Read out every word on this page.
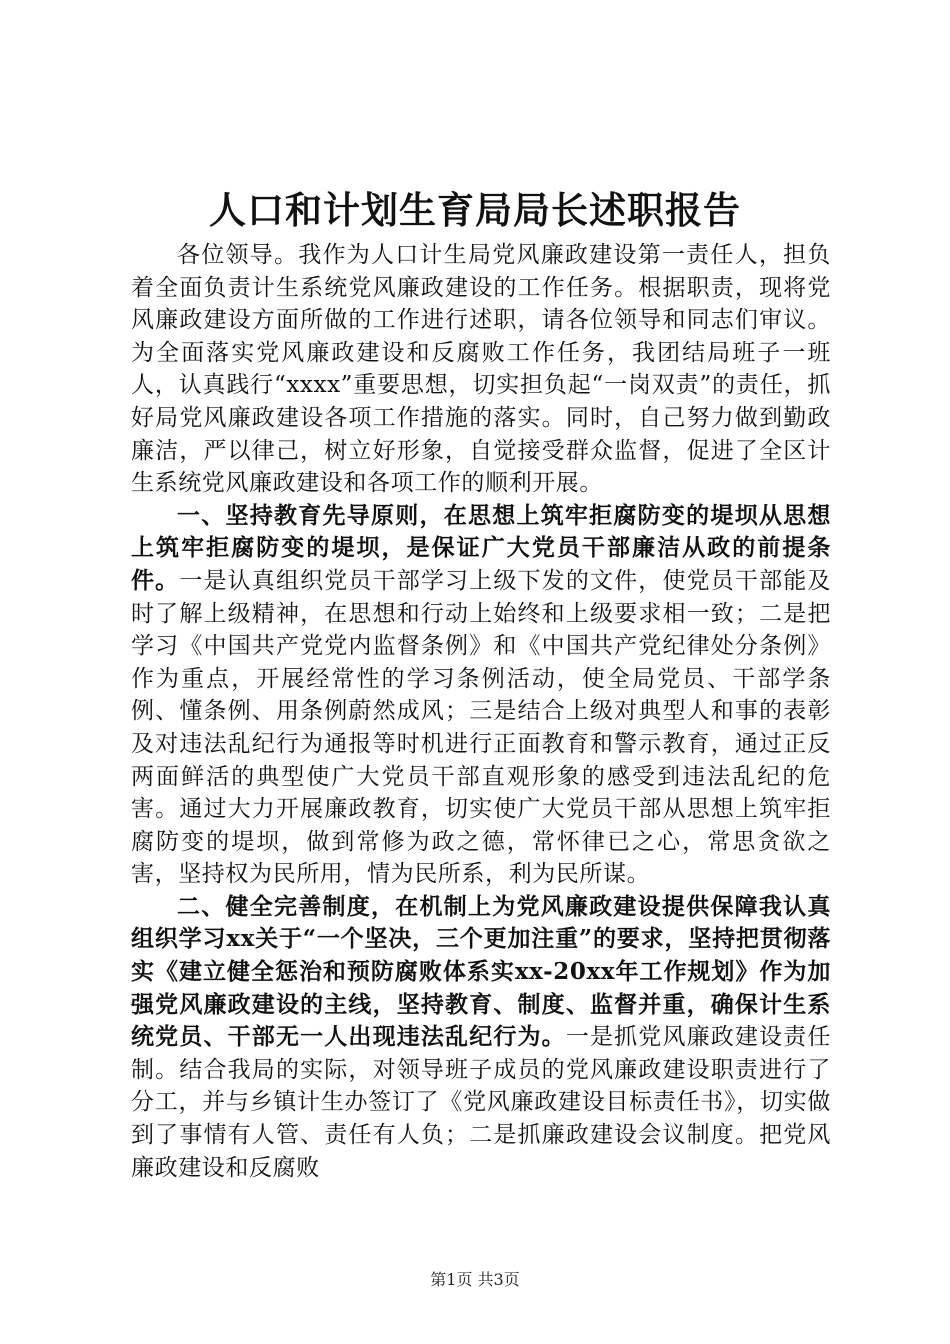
人口和计划生育局局长述职报告

各位领导。我作为人口计生局党风廉政建设第一责任人，担负着全面负责计生系统党风廉政建设的工作任务。根据职责，现将党风廉政建设方面所做的工作进行述职，请各位领导和同志们审议。为全面落实党风廉政建设和反腐败工作任务，我团结局班子一班人，认真践行“xxxx”重要思想，切实担负起“一岗双责”的责任，抓好局党风廉政建设各项工作措施的落实。同时，自己努力做到勤政廉洁，严以律己，树立好形象，自觉接受群众监督，促进了全区计生系统党风廉政建设和各项工作的顺利开展。

一、坚持教育先导原则，在思想上筑牢拒腐防变的堤坝从思想上筑牢拒腐防变的堤坝，是保证广大党员干部廉洁从政的前提条件。一是认真组织党员干部学习上级下发的文件，使党员干部能及时了解上级精神，在思想和行动上始终和上级要求相一致；二是把学习《中国共产党党内监督条例》和《中国共产党纪律处分条例》作为重点，开展经常性的学习条例活动，使全局党员、干部学条例、懂条例、用条例蔚然成风；三是结合上级对典型人和事的表彰及对违法乱纪行为通报等时机进行正面教育和警示教育，通过正反两面鲜活的典型使广大党员干部直观形象的感受到违法乱纪的危害。通过大力开展廉政教育，切实使广大党员干部从思想上筑牢拒腐防变的堤坝，做到常修为政之德，常怀律已之心，常思贪欲之害，坚持权为民所用，情为民所系，利为民所谋。

二、健全完善制度，在机制上为党风廉政建设提供保障我认真组织学习xx关于“一个坚决，三个更加注重”的要求，坚持把贯彻落实《建立健全惩治和预防腐败体系实xx-20xx年工作规划》作为加强党风廉政建设的主线，坚持教育、制度、监督并重，确保计生系统党员、干部无一人出现违法乱纪行为。一是抓党风廉政建设责任制。结合我局的实际，对领导班子成员的党风廉政建设职责进行了分工，并与乡镇计生办签订了《党风廉政建设目标责任书》，切实做到了事情有人管、责任有人负；二是抓廉政建设会议制度。把党风廉政建设和反腐败

第1页 共3页
